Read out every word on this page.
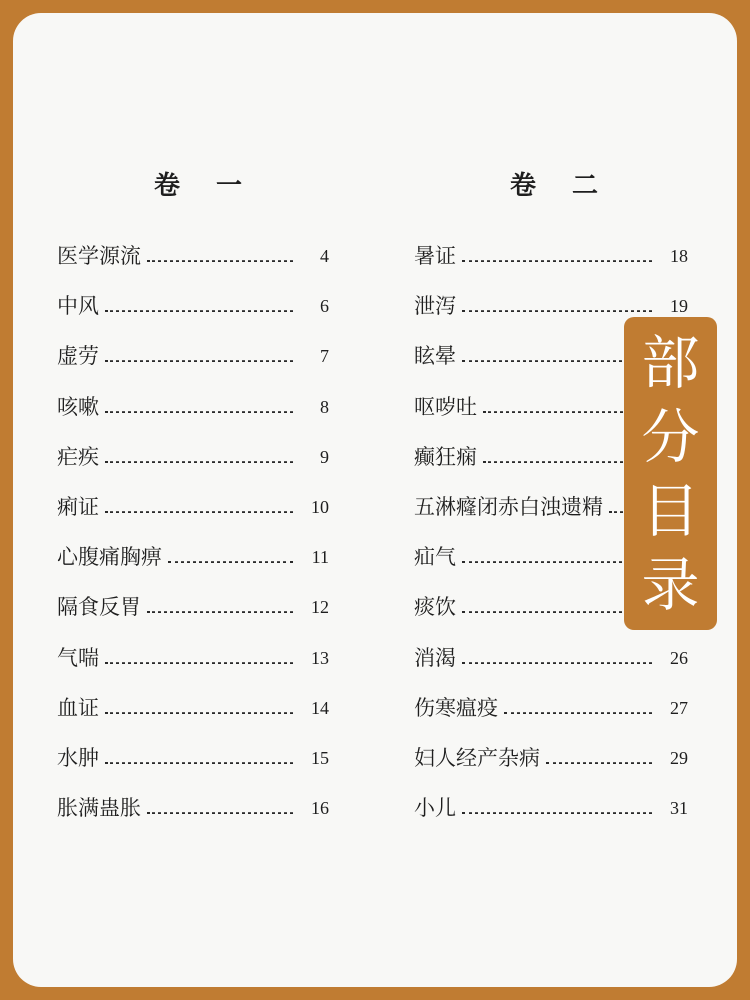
卷 一	卷 二
医学源流	4
中风	6
虚劳	7
咳嗽	8
疟疾	9
痢证	10
心腹痛胸痹	11
隔食反胃	12
气喘	13
血证	14
水肿	15
胀满蛊胀	16
暑证	18
泄泻	19
眩晕
呕哕吐
癫狂痫
五淋癃闭赤白浊遗精
疝气
痰饮
消渴	26
伤寒瘟疫	27
妇人经产杂病	29
小儿	31
部
分
目
录
